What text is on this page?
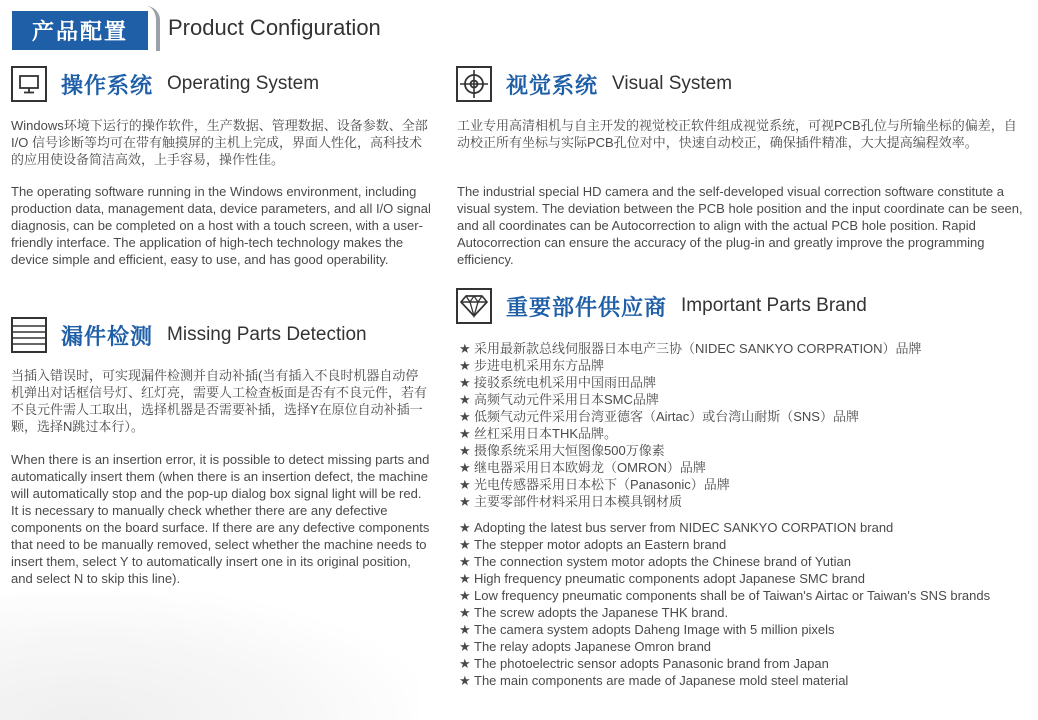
产品配置 Product Configuration
操作系统 Operating System
Windows环境下运行的操作软件，生产数据、管理数据、设备参数、全部 I/O 信号诊断等均可在带有触摸屏的主机上完成，界面人性化，高科技术的应用使设备简洁高效，上手容易，操作性佳。
The operating software running in the Windows environment, including production data, management data, device parameters, and all I/O signal diagnosis, can be completed on a host with a touch screen, with a user-friendly interface. The application of high-tech technology makes the device simple and efficient, easy to use, and has good operability.
漏件检测 Missing Parts Detection
当插入错误时，可实现漏件检测并自动补插(当有插入不良时机器自动停机弹出对话框信号灯、红灯亮，需要人工检查板面是否有不良元件，若有不良元件需人工取出，选择机器是否需要补插，选择Y在原位自动补插一颗，选择N跳过本行）。
When there is an insertion error, it is possible to detect missing parts and automatically insert them (when there is an insertion defect, the machine will automatically stop and the pop-up dialog box signal light will be red. It is necessary to manually check whether there are any defective components on the board surface. If there are any defective components that need to be manually removed, select whether the machine needs to insert them, select Y to automatically insert one in its original position, and select N to skip this line).
视觉系统 Visual System
工业专用高清相机与自主开发的视觉校正软件组成视觉系统，可视PCB孔位与所输坐标的偏差，自动校正所有坐标与实际PCB孔位对中，快速自动校正，确保插件精准，大大提高编程效率。
The industrial special HD camera and the self-developed visual correction software constitute a visual system. The deviation between the PCB hole position and the input coordinate can be seen, and all coordinates can be Autocorrection to align with the actual PCB hole position. Rapid Autocorrection can ensure the accuracy of the plug-in and greatly improve the programming efficiency.
重要部件供应商 Important Parts Brand
★ 采用最新款总线伺服器日本电产三协（NIDEC SANKYO CORPRATION）品牌
★ 步进电机采用东方品牌
★ 接驳系统电机采用中国雨田品牌
★ 高频气动元件采用日本SMC品牌
★ 低频气动元件采用台湾亚德客（Airtac）或台湾山耐斯（SNS）品牌
★ 丝杠采用日本THK品牌。
★ 摄像系统采用大恒图像500万像素
★ 继电器采用日本欧姆龙（OMRON）品牌
★ 光电传感器采用日本松下（Panasonic）品牌
★ 主要零部件材料采用日本模具钢材质
★ Adopting the latest bus server from NIDEC SANKYO CORPATION brand
★ The stepper motor adopts an Eastern brand
★ The connection system motor adopts the Chinese brand of Yutian
★ High frequency pneumatic components adopt Japanese SMC brand
★ Low frequency pneumatic components shall be of Taiwan's Airtac or Taiwan's SNS brands
★ The screw adopts the Japanese THK brand.
★ The camera system adopts Daheng Image with 5 million pixels
★ The relay adopts Japanese Omron brand
★ The photoelectric sensor adopts Panasonic brand from Japan
★ The main components are made of Japanese mold steel material
